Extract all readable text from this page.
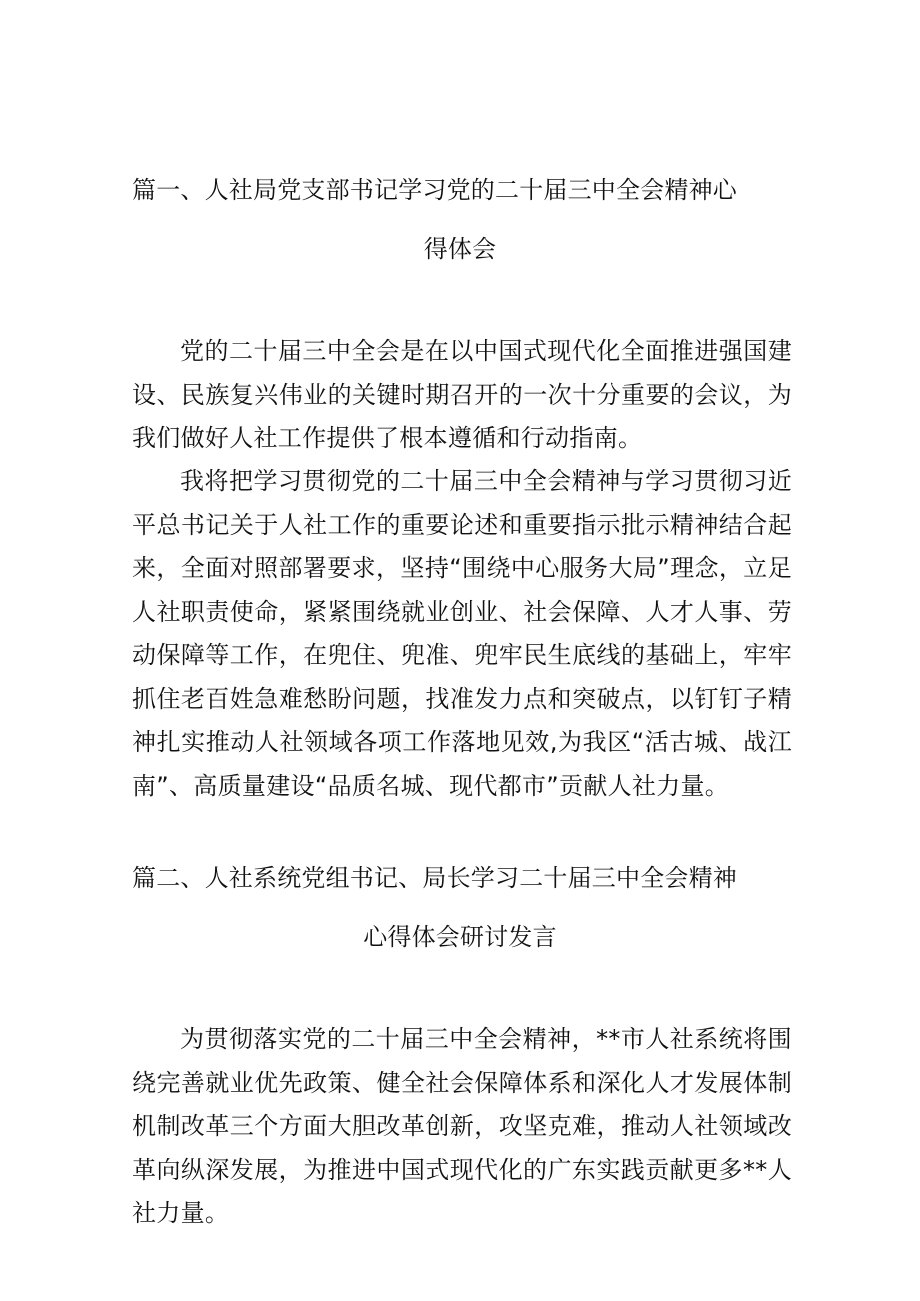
篇一、人社局党支部书记学习党的二十届三中全会精神心
得体会

党的二十届三中全会是在以中国式现代化全面推进强国建设、民族复兴伟业的关键时期召开的一次十分重要的会议，为我们做好人社工作提供了根本遵循和行动指南。

我将把学习贯彻党的二十届三中全会精神与学习贯彻习近平总书记关于人社工作的重要论述和重要指示批示精神结合起来，全面对照部署要求，坚持“围绕中心服务大局”理念，立足人社职责使命，紧紧围绕就业创业、社会保障、人才人事、劳动保障等工作，在兜住、兜准、兜牢民生底线的基础上，牢牢抓住老百姓急难愁盼问题，找准发力点和突破点，以钉钉子精神扎实推动人社领域各项工作落地见效,为我区“活古城、战江南”、高质量建设“品质名城、现代都市”贡献人社力量。

篇二、人社系统党组书记、局长学习二十届三中全会精神
心得体会研讨发言

为贯彻落实党的二十届三中全会精神，**市人社系统将围绕完善就业优先政策、健全社会保障体系和深化人才发展体制机制改革三个方面大胆改革创新，攻坚克难，推动人社领域改革向纵深发展，为推进中国式现代化的广东实践贡献更多**人社力量。
